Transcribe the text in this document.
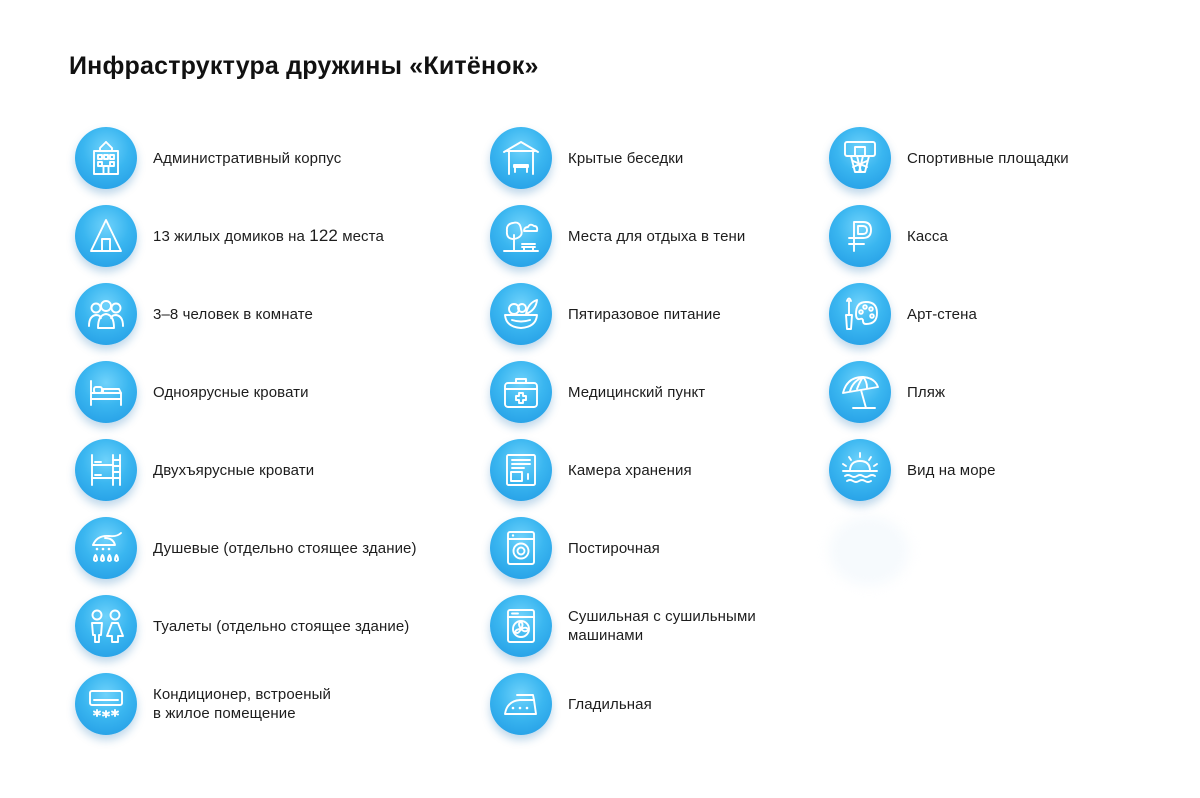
Инфраструктура дружины «Китёнок»
Административный корпус
13 жилых домиков на 122 места
3–8 человек в комнате
Одноярусные кровати
Двухъярусные кровати
Душевые (отдельно стоящее здание)
Туалеты (отдельно стоящее здание)
Кондиционер, встроеный
в жилое помещение
Крытые беседки
Места для отдыха в тени
Пятиразовое питание
Медицинский пункт
Камера хранения
Постирочная
Сушильная с сушильными
машинами
Гладильная
Спортивные площадки
Касса
Арт-стена
Пляж
Вид на море
